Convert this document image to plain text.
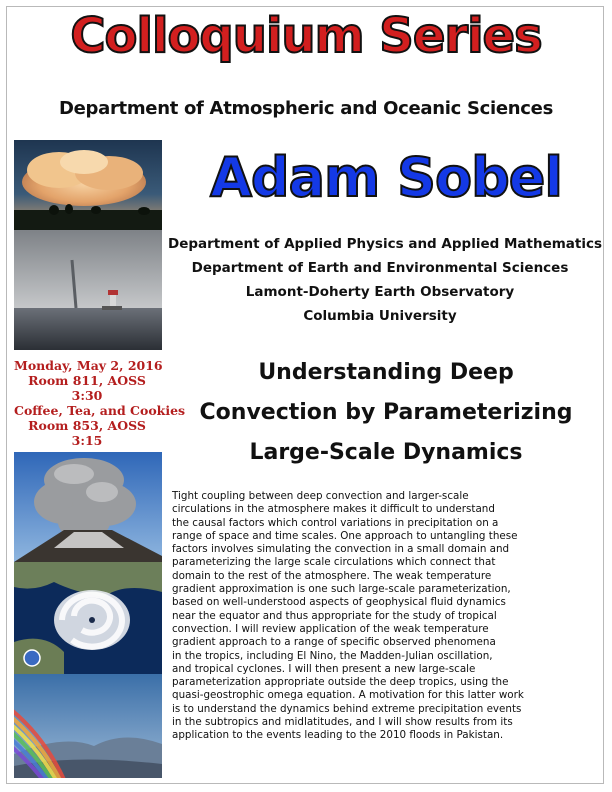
Colloquium Series
Department of Atmospheric and Oceanic Sciences
Adam Sobel
Department of Applied Physics and Applied Mathematics
Department of Earth and Environmental Sciences
Lamont-Doherty Earth Observatory
Columbia University
Monday, May 2, 2016
Room 811, AOSS
3:30
Coffee, Tea, and Cookies
Room 853, AOSS
3:15
Understanding Deep
Convection by Parameterizing
Large-Scale Dynamics
Tight coupling between deep convection and larger-scale
circulations in the atmosphere makes it difficult to understand
the causal factors which control variations in precipitation on a
range of space and time scales. One approach to untangling these
factors involves simulating the convection in a small domain and
parameterizing the large scale circulations which connect that
domain to the rest of the atmosphere. The weak temperature
gradient approximation is one such large-scale parameterization,
based on well-understood aspects of geophysical fluid dynamics
near the equator and thus appropriate for the study of tropical
convection. I will review application of the weak temperature
gradient approach to a range of specific observed phenomena
in the tropics, including El Nino, the Madden-Julian oscillation,
and tropical cyclones. I will then present a new large-scale
parameterization appropriate outside the deep tropics, using the
quasi-geostrophic omega equation. A motivation for this latter work
is to understand the dynamics behind extreme precipitation events
in the subtropics and midlatitudes, and I will show results from its
application to the events leading to the 2010 floods in Pakistan.
